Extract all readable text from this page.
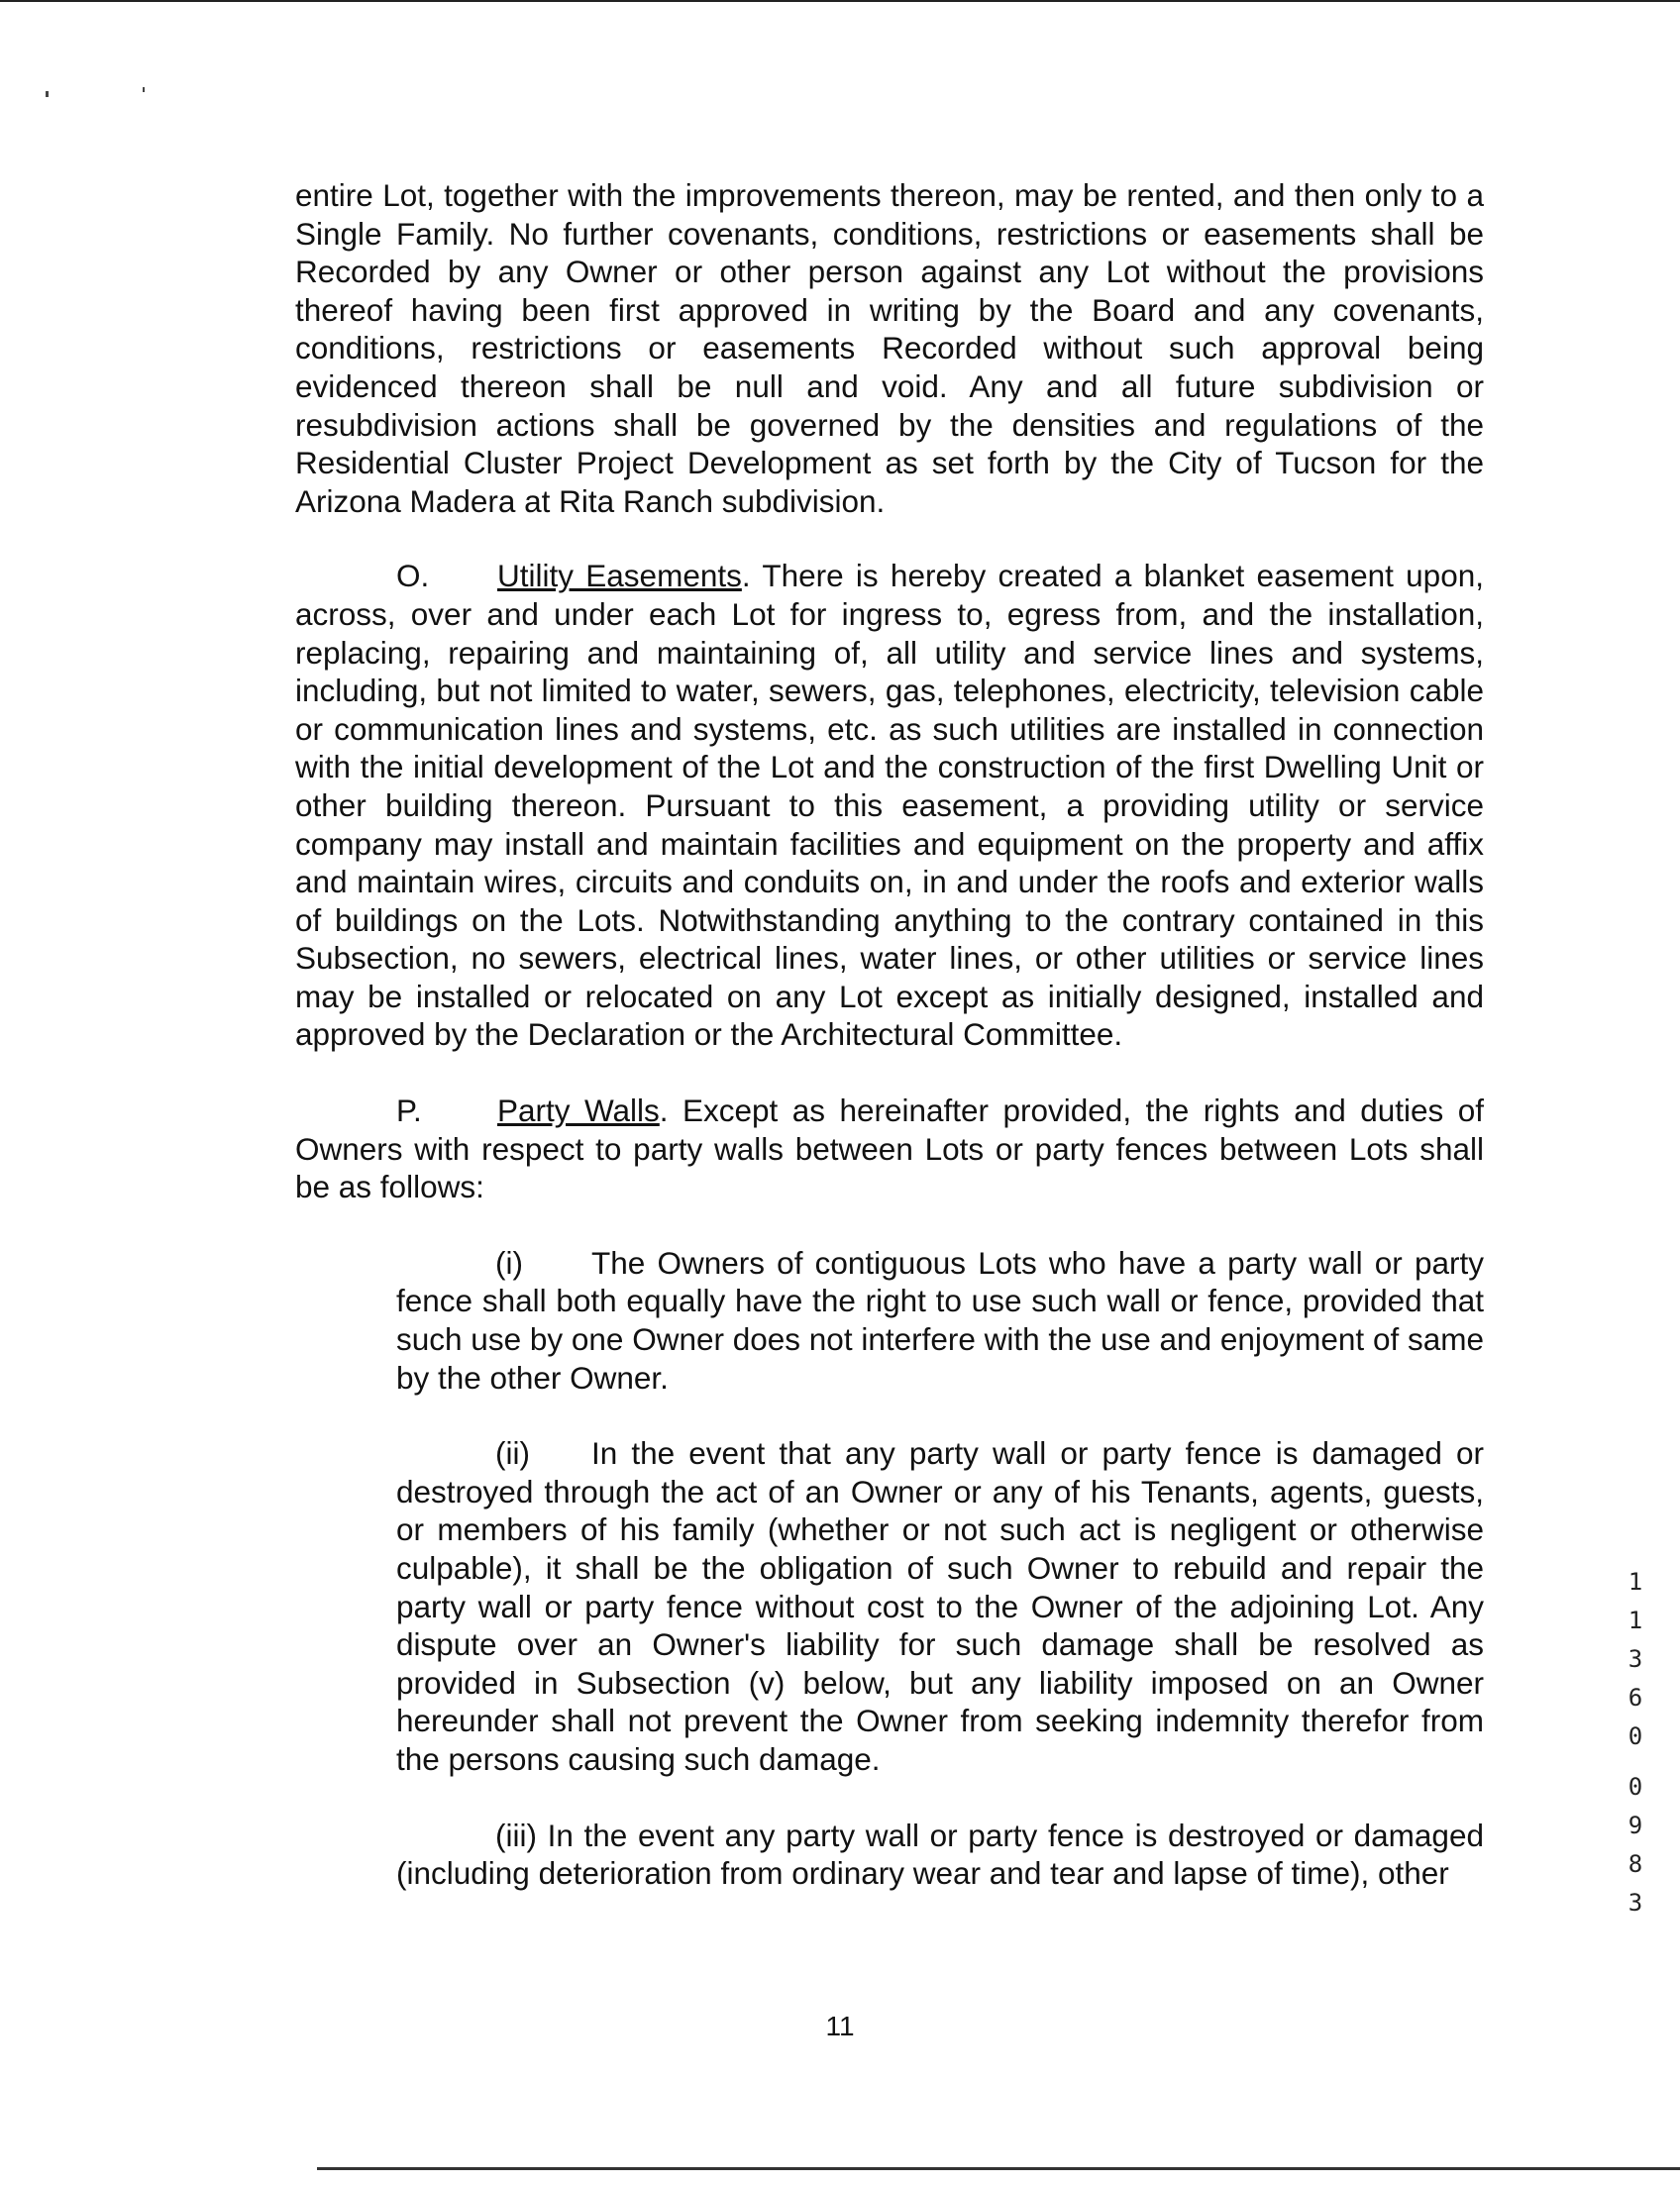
entire Lot, together with the improvements thereon, may be rented, and then only to a Single Family. No further covenants, conditions, restrictions or easements shall be Recorded by any Owner or other person against any Lot without the provisions thereof having been first approved in writing by the Board and any covenants, conditions, restrictions or easements Recorded without such approval being evidenced thereon shall be null and void. Any and all future subdivision or resubdivision actions shall be governed by the densities and regulations of the Residential Cluster Project Development as set forth by the City of Tucson for the Arizona Madera at Rita Ranch subdivision.

O. Utility Easements. There is hereby created a blanket easement upon, across, over and under each Lot for ingress to, egress from, and the installation, replacing, repairing and maintaining of, all utility and service lines and systems, including, but not limited to water, sewers, gas, telephones, electricity, television cable or communication lines and systems, etc. as such utilities are installed in connection with the initial development of the Lot and the construction of the first Dwelling Unit or other building thereon. Pursuant to this easement, a providing utility or service company may install and maintain facilities and equipment on the property and affix and maintain wires, circuits and conduits on, in and under the roofs and exterior walls of buildings on the Lots. Notwithstanding anything to the contrary contained in this Subsection, no sewers, electrical lines, water lines, or other utilities or service lines may be installed or relocated on any Lot except as initially designed, installed and approved by the Declaration or the Architectural Committee.

P. Party Walls. Except as hereinafter provided, the rights and duties of Owners with respect to party walls between Lots or party fences between Lots shall be as follows:

(i) The Owners of contiguous Lots who have a party wall or party fence shall both equally have the right to use such wall or fence, provided that such use by one Owner does not interfere with the use and enjoyment of same by the other Owner.

(ii) In the event that any party wall or party fence is damaged or destroyed through the act of an Owner or any of his Tenants, agents, guests, or members of his family (whether or not such act is negligent or otherwise culpable), it shall be the obligation of such Owner to rebuild and repair the party wall or party fence without cost to the Owner of the adjoining Lot. Any dispute over an Owner's liability for such damage shall be resolved as provided in Subsection (v) below, but any liability imposed on an Owner hereunder shall not prevent the Owner from seeking indemnity therefor from the persons causing such damage.

(iii) In the event any party wall or party fence is destroyed or damaged (including deterioration from ordinary wear and tear and lapse of time), other

11
1
1
3
6
0
0
9
8
3
